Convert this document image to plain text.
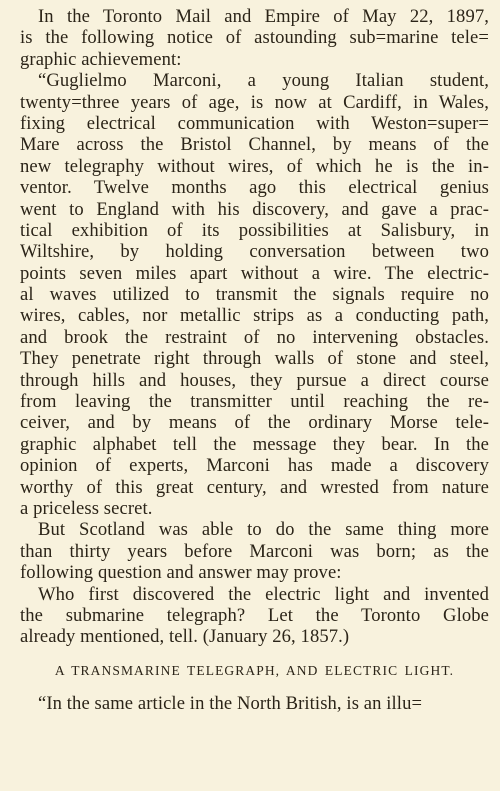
In the Toronto Mail and Empire of May 22, 1897,
is the following notice of astounding sub=marine tele=
graphic achievement:
“Guglielmo Marconi, a young Italian student,
twenty=three years of age, is now at Cardiff, in Wales,
fixing electrical communication with Weston=super=
Mare across the Bristol Channel, by means of the
new telegraphy without wires, of which he is the in-
ventor. Twelve months ago this electrical genius
went to England with his discovery, and gave a prac-
tical exhibition of its possibilities at Salisbury, in
Wiltshire, by holding conversation between two
points seven miles apart without a wire. The electric-
al waves utilized to transmit the signals require no
wires, cables, nor metallic strips as a conducting path,
and brook the restraint of no intervening obstacles.
They penetrate right through walls of stone and steel,
through hills and houses, they pursue a direct course
from leaving the transmitter until reaching the re-
ceiver, and by means of the ordinary Morse tele-
graphic alphabet tell the message they bear. In the
opinion of experts, Marconi has made a discovery
worthy of this great century, and wrested from nature
a priceless secret.
But Scotland was able to do the same thing more
than thirty years before Marconi was born; as the
following question and answer may prove:
Who first discovered the electric light and invented
the submarine telegraph? Let the Toronto Globe
already mentioned, tell. (January 26, 1857.)
A TRANSMARINE TELEGRAPH, AND ELECTRIC LIGHT.
“In the same article in the North British, is an illu=
